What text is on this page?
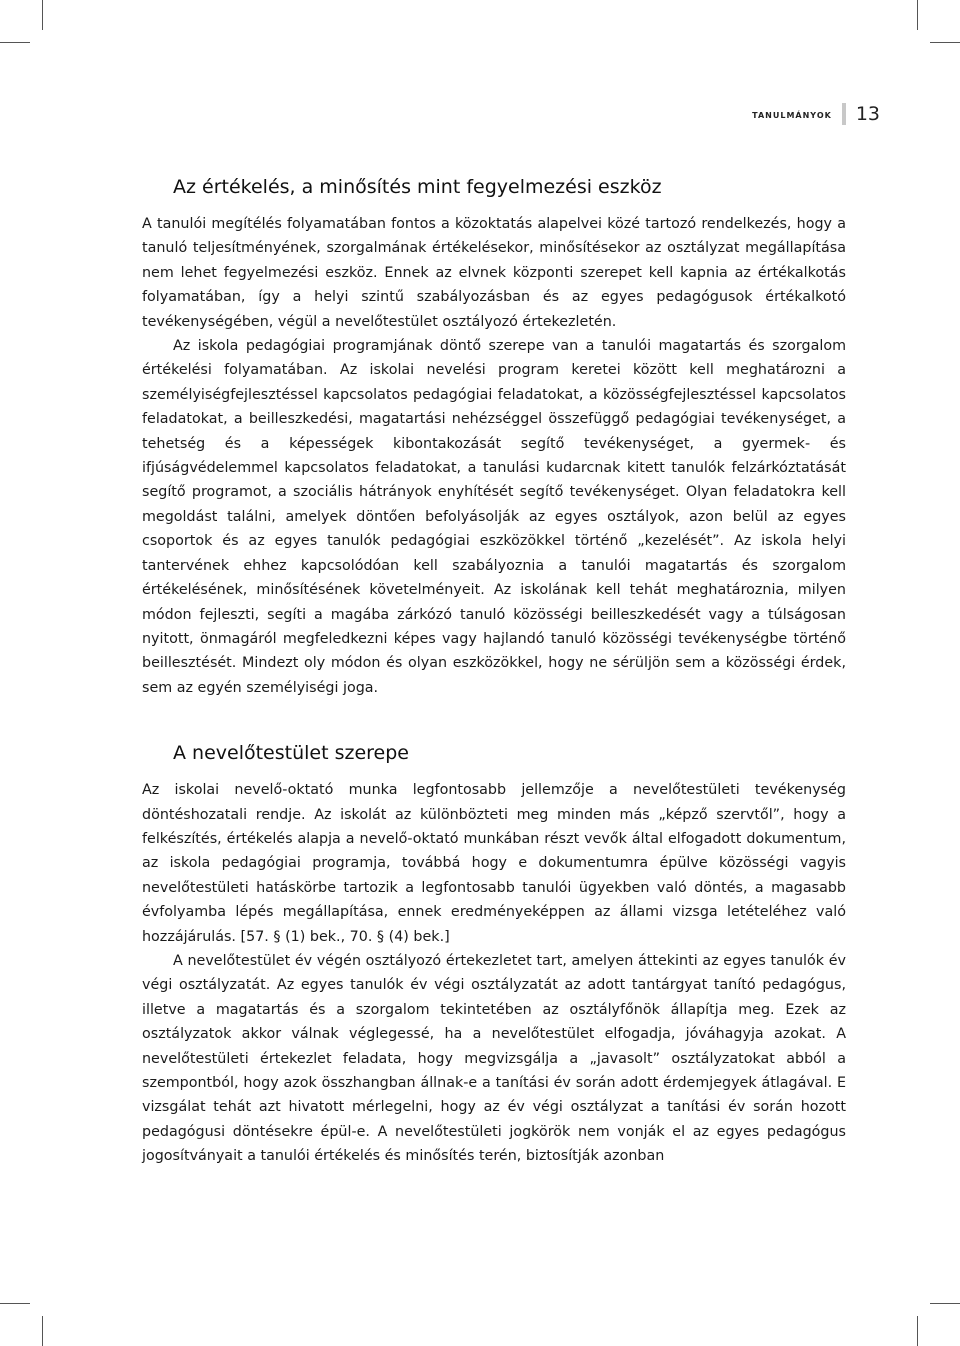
tanulmányok 13
Az értékelés, a minősítés mint fegyelmezési eszköz

A tanulói megítélés folyamatában fontos a közoktatás alapelvei közé tartozó rendelkezés, hogy a tanuló teljesítményének, szorgalmának értékelésekor, minősítésekor az osztályzat megállapítása nem lehet fegyelmezési eszköz. Ennek az elvnek központi szerepet kell kapnia az értékalkotás folyamatában, így a helyi szintű szabályozásban és az egyes pedagógusok értékalkotó tevékenységében, végül a nevelőtestület osztályozó értekezletén.

Az iskola pedagógiai programjának döntő szerepe van a tanulói magatartás és szorgalom értékelési folyamatában. Az iskolai nevelési program keretei között kell meghatározni a személyiségfejlesztéssel kapcsolatos pedagógiai feladatokat, a közösségfejlesztéssel kapcsolatos feladatokat, a beilleszkedési, magatartási nehézséggel összefüggő pedagógiai tevékenységet, a tehetség és a képességek kibontakozását segítő tevékenységet, a gyermek- és ifjúságvédelemmel kapcsolatos feladatokat, a tanulási kudarcnak kitett tanulók felzárkóztatását segítő programot, a szociális hátrányok enyhítését segítő tevékenységet. Olyan feladatokra kell megoldást találni, amelyek döntően befolyásolják az egyes osztályok, azon belül az egyes csoportok és az egyes tanulók pedagógiai eszközökkel történő „kezelését”. Az iskola helyi tantervének ehhez kapcsolódóan kell szabályoznia a tanulói magatartás és szorgalom értékelésének, minősítésének követelményeit. Az iskolának kell tehát meghatároznia, milyen módon fejleszti, segíti a magába zárkózó tanuló közösségi beilleszkedését vagy a túlságosan nyitott, önmagáról megfeledkezni képes vagy hajlandó tanuló közösségi tevékenységbe történő beillesztését. Mindezt oly módon és olyan eszközökkel, hogy ne sérüljön sem a közösségi érdek, sem az egyén személyiségi joga.

A nevelőtestület szerepe

Az iskolai nevelő-oktató munka legfontosabb jellemzője a nevelőtestületi tevékenység döntéshozatali rendje. Az iskolát az különbözteti meg minden más „képző szervtől”, hogy a felkészítés, értékelés alapja a nevelő-oktató munkában részt vevők által elfogadott dokumentum, az iskola pedagógiai programja, továbbá hogy e dokumentumra épülve közösségi vagyis nevelőtestületi hatáskörbe tartozik a legfontosabb tanulói ügyekben való döntés, a magasabb évfolyamba lépés megállapítása, ennek eredményeképpen az állami vizsga letételéhez való hozzájárulás. [57. § (1) bek., 70. § (4) bek.]

A nevelőtestület év végén osztályozó értekezletet tart, amelyen áttekinti az egyes tanulók év végi osztályzatát. Az egyes tanulók év végi osztályzatát az adott tantárgyat tanító pedagógus, illetve a magatartás és a szorgalom tekintetében az osztályfőnök állapítja meg. Ezek az osztályzatok akkor válnak véglegessé, ha a nevelőtestület elfogadja, jóváhagyja azokat. A nevelőtestületi értekezlet feladata, hogy megvizsgálja a „javasolt” osztályzatokat abból a szempontból, hogy azok összhangban állnak-e a tanítási év során adott érdemjegyek átlagával. E vizsgálat tehát azt hivatott mérlegelni, hogy az év végi osztályzat a tanítási év során hozott pedagógusi döntésekre épül-e. A nevelőtestületi jogkörök nem vonják el az egyes pedagógus jogosítványait a tanulói értékelés és minősítés terén, biztosítják azonban
